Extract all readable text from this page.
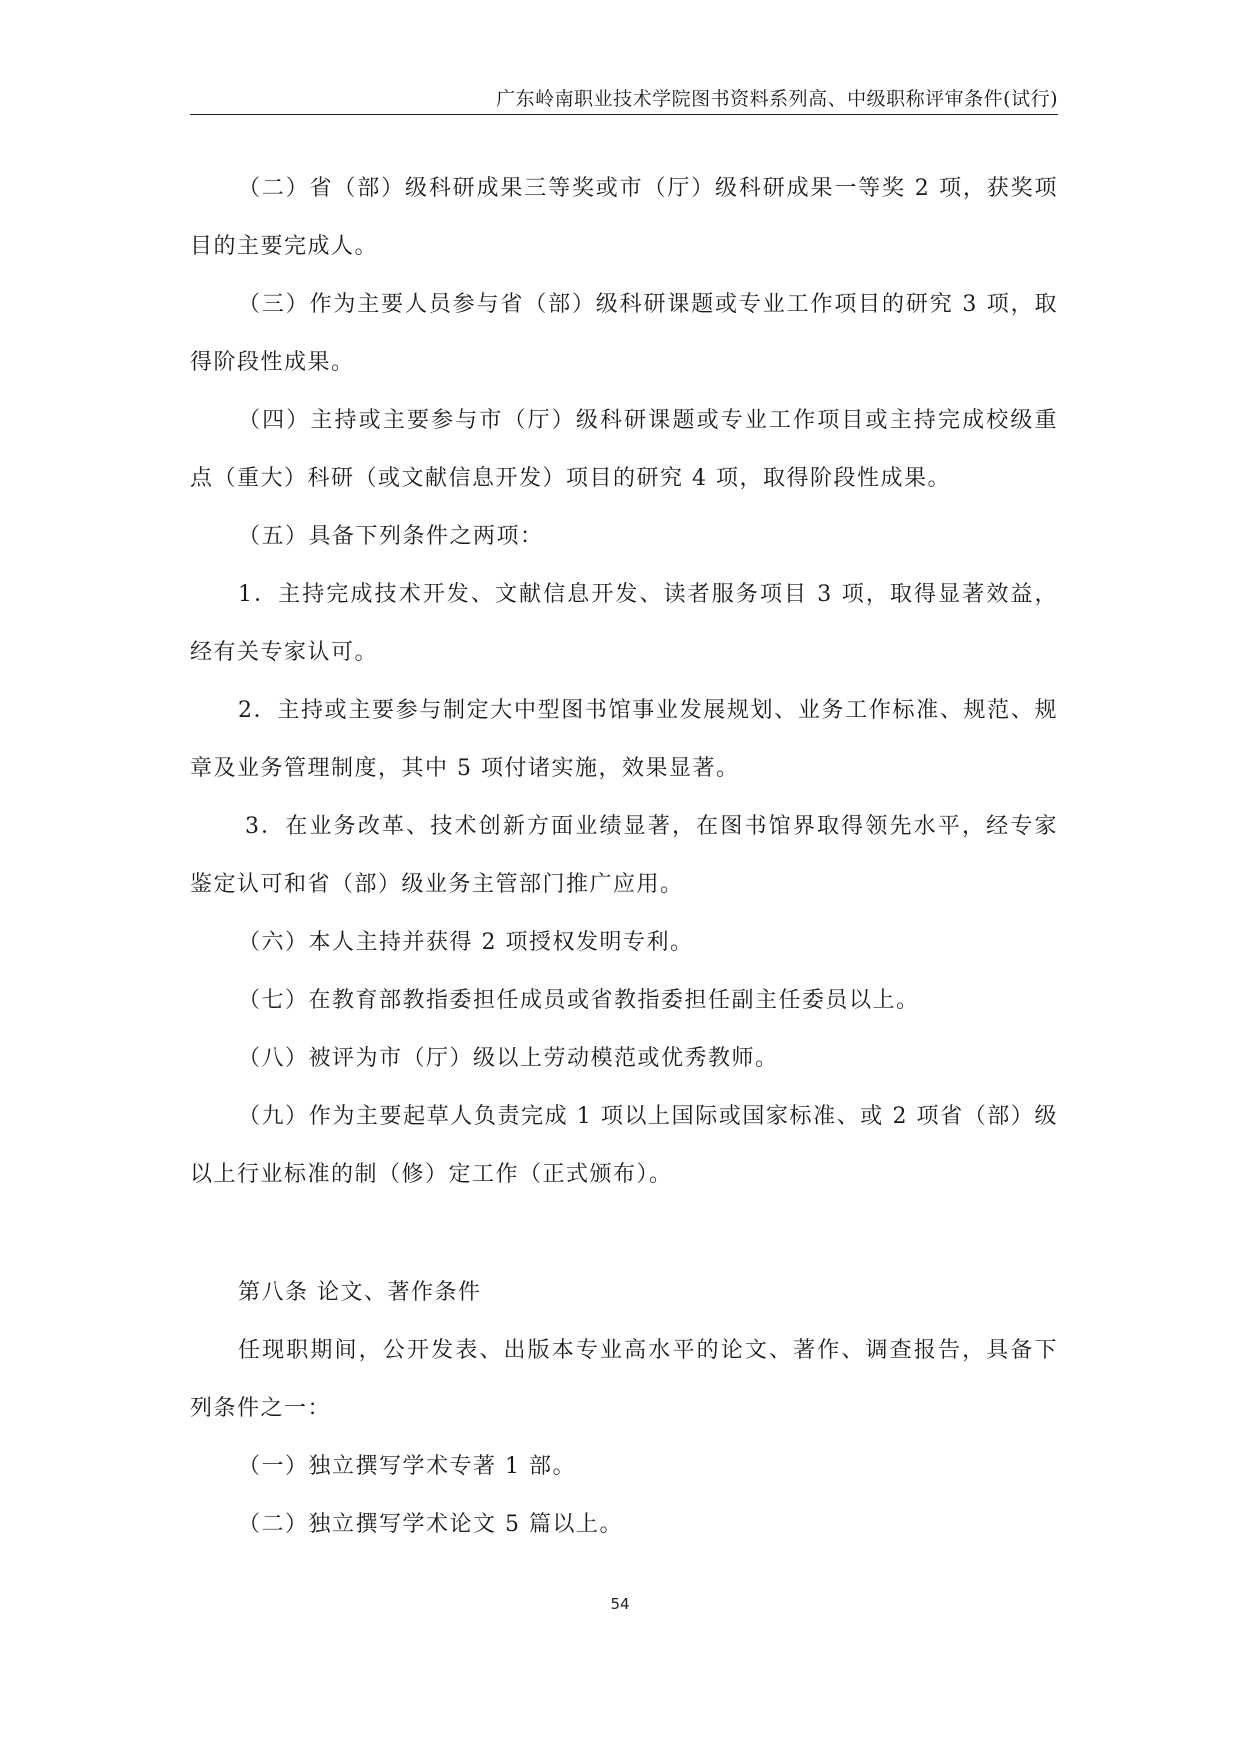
广东岭南职业技术学院图书资料系列高、中级职称评审条件(试行)

（二）省（部）级科研成果三等奖或市（厅）级科研成果一等奖 2 项，获奖项目的主要完成人。

（三）作为主要人员参与省（部）级科研课题或专业工作项目的研究 3 项，取得阶段性成果。

（四）主持或主要参与市（厅）级科研课题或专业工作项目或主持完成校级重点（重大）科研（或文献信息开发）项目的研究 4 项，取得阶段性成果。

（五）具备下列条件之两项：

1．主持完成技术开发、文献信息开发、读者服务项目 3 项，取得显著效益，经有关专家认可。

2．主持或主要参与制定大中型图书馆事业发展规划、业务工作标准、规范、规章及业务管理制度，其中 5 项付诸实施，效果显著。

3．在业务改革、技术创新方面业绩显著，在图书馆界取得领先水平，经专家鉴定认可和省（部）级业务主管部门推广应用。

（六）本人主持并获得 2 项授权发明专利。

（七）在教育部教指委担任成员或省教指委担任副主任委员以上。

（八）被评为市（厅）级以上劳动模范或优秀教师。

（九）作为主要起草人负责完成 1 项以上国际或国家标准、或 2 项省（部）级以上行业标准的制（修）定工作（正式颁布）。

第八条 论文、著作条件

任现职期间，公开发表、出版本专业高水平的论文、著作、调查报告，具备下列条件之一：

（一）独立撰写学术专著 1 部。

（二）独立撰写学术论文 5 篇以上。

54
